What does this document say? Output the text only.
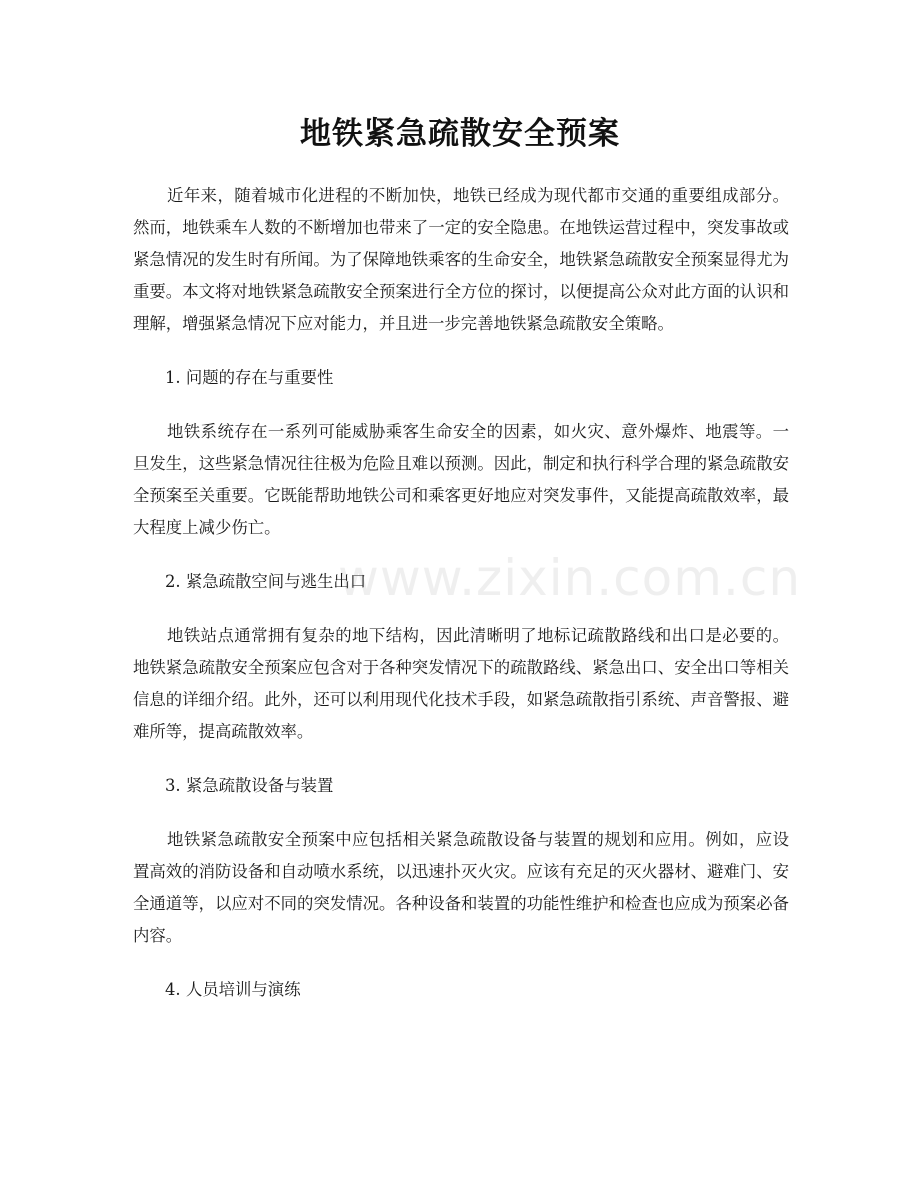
地铁紧急疏散安全预案

近年来，随着城市化进程的不断加快，地铁已经成为现代都市交通的重要组成部分。然而，地铁乘车人数的不断增加也带来了一定的安全隐患。在地铁运营过程中，突发事故或紧急情况的发生时有所闻。为了保障地铁乘客的生命安全，地铁紧急疏散安全预案显得尤为重要。本文将对地铁紧急疏散安全预案进行全方位的探讨，以便提高公众对此方面的认识和理解，增强紧急情况下应对能力，并且进一步完善地铁紧急疏散安全策略。

1. 问题的存在与重要性

地铁系统存在一系列可能威胁乘客生命安全的因素，如火灾、意外爆炸、地震等。一旦发生，这些紧急情况往往极为危险且难以预测。因此，制定和执行科学合理的紧急疏散安全预案至关重要。它既能帮助地铁公司和乘客更好地应对突发事件，又能提高疏散效率，最大程度上减少伤亡。

2. 紧急疏散空间与逃生出口

地铁站点通常拥有复杂的地下结构，因此清晰明了地标记疏散路线和出口是必要的。地铁紧急疏散安全预案应包含对于各种突发情况下的疏散路线、紧急出口、安全出口等相关信息的详细介绍。此外，还可以利用现代化技术手段，如紧急疏散指引系统、声音警报、避难所等，提高疏散效率。

3. 紧急疏散设备与装置

地铁紧急疏散安全预案中应包括相关紧急疏散设备与装置的规划和应用。例如，应设置高效的消防设备和自动喷水系统，以迅速扑灭火灾。应该有充足的灭火器材、避难门、安全通道等，以应对不同的突发情况。各种设备和装置的功能性维护和检查也应成为预案必备内容。

4. 人员培训与演练
www.zixin.com.cn
